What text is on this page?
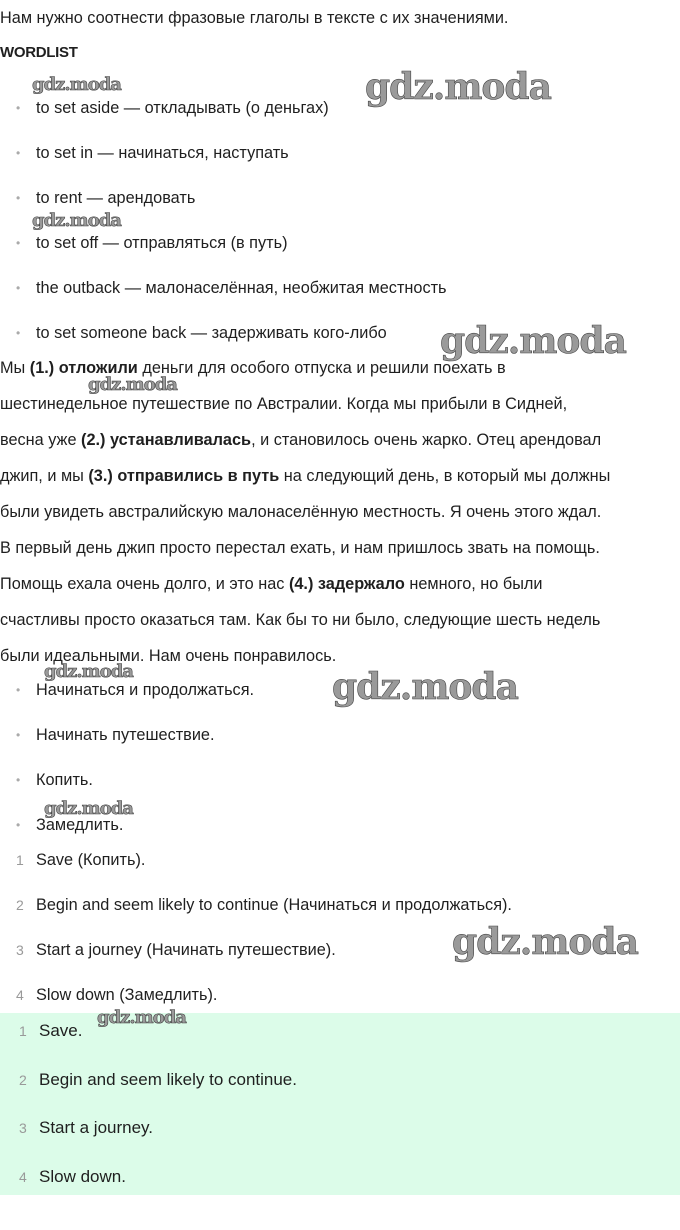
Нам нужно соотнести фразовые глаголы в тексте с их значениями.
WORDLIST
• to set aside — откладывать (о деньгах)
• to set in — начинаться, наступать
• to rent — арендовать
• to set off — отправляться (в путь)
• the outback — малонаселённая, необжитая местность
• to set someone back — задерживать кого-либо
Мы (1.) отложили деньги для особого отпуска и решили поехать в
шестинедельное путешествие по Австралии. Когда мы прибыли в Сидней,
весна уже (2.) устанавливалась, и становилось очень жарко. Отец арендовал
джип, и мы (3.) отправились в путь на следующий день, в который мы должны
были увидеть австралийскую малонаселённую местность. Я очень этого ждал.
В первый день джип просто перестал ехать, и нам пришлось звать на помощь.
Помощь ехала очень долго, и это нас (4.) задержало немного, но были
счастливы просто оказаться там. Как бы то ни было, следующие шесть недель
были идеальными. Нам очень понравилось.
• Начинаться и продолжаться.
• Начинать путешествие.
• Копить.
• Замедлить.
1 Save (Копить).
2 Begin and seem likely to continue (Начинаться и продолжаться).
3 Start a journey (Начинать путешествие).
4 Slow down (Замедлить).
1 Save.
2 Begin and seem likely to continue.
3 Start a journey.
4 Slow down.
gdz.moda	gdz.moda
gdz.moda
gdz.moda
gdz.moda
gdz.moda	gdz.moda
gdz.moda
gdz.moda
gdz.moda
